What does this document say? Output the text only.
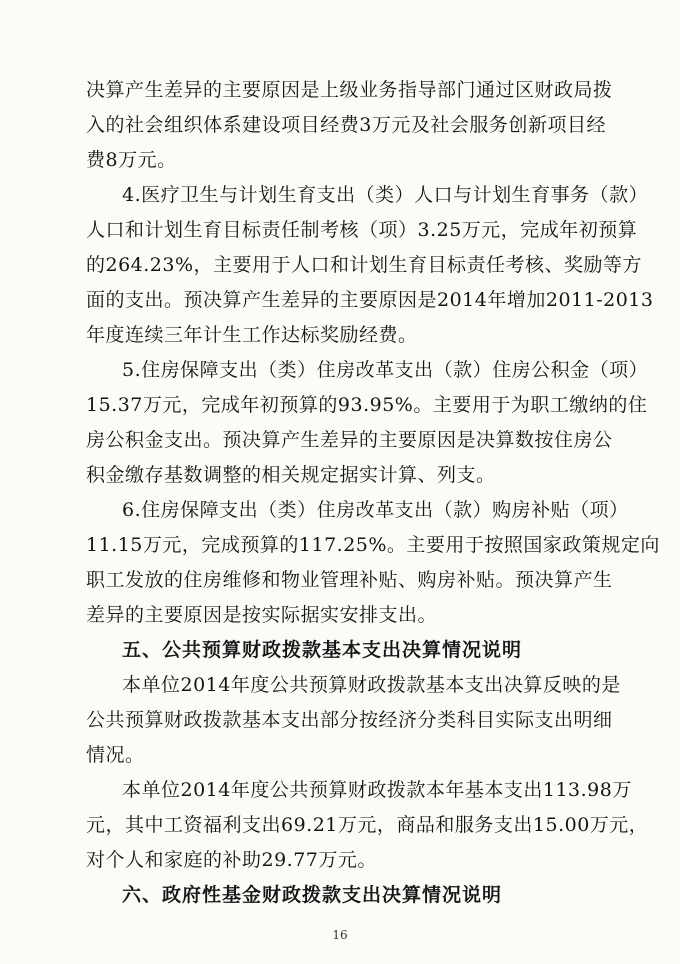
决算产生差异的主要原因是上级业务指导部门通过区财政局拨
入的社会组织体系建设项目经费3万元及社会服务创新项目经
费8万元。
4.医疗卫生与计划生育支出（类）人口与计划生育事务（款）
人口和计划生育目标责任制考核（项）3.25万元，完成年初预算
的264.23%，主要用于人口和计划生育目标责任考核、奖励等方
面的支出。预决算产生差异的主要原因是2014年增加2011-2013
年度连续三年计生工作达标奖励经费。
5.住房保障支出（类）住房改革支出（款）住房公积金（项）
15.37万元，完成年初预算的93.95%。主要用于为职工缴纳的住
房公积金支出。预决算产生差异的主要原因是决算数按住房公
积金缴存基数调整的相关规定据实计算、列支。
6.住房保障支出（类）住房改革支出（款）购房补贴（项）
11.15万元，完成预算的117.25%。主要用于按照国家政策规定向
职工发放的住房维修和物业管理补贴、购房补贴。预决算产生
差异的主要原因是按实际据实安排支出。
五、公共预算财政拨款基本支出决算情况说明
本单位2014年度公共预算财政拨款基本支出决算反映的是
公共预算财政拨款基本支出部分按经济分类科目实际支出明细
情况。
本单位2014年度公共预算财政拨款本年基本支出113.98万
元，其中工资福利支出69.21万元，商品和服务支出15.00万元，
对个人和家庭的补助29.77万元。
六、政府性基金财政拨款支出决算情况说明
16
